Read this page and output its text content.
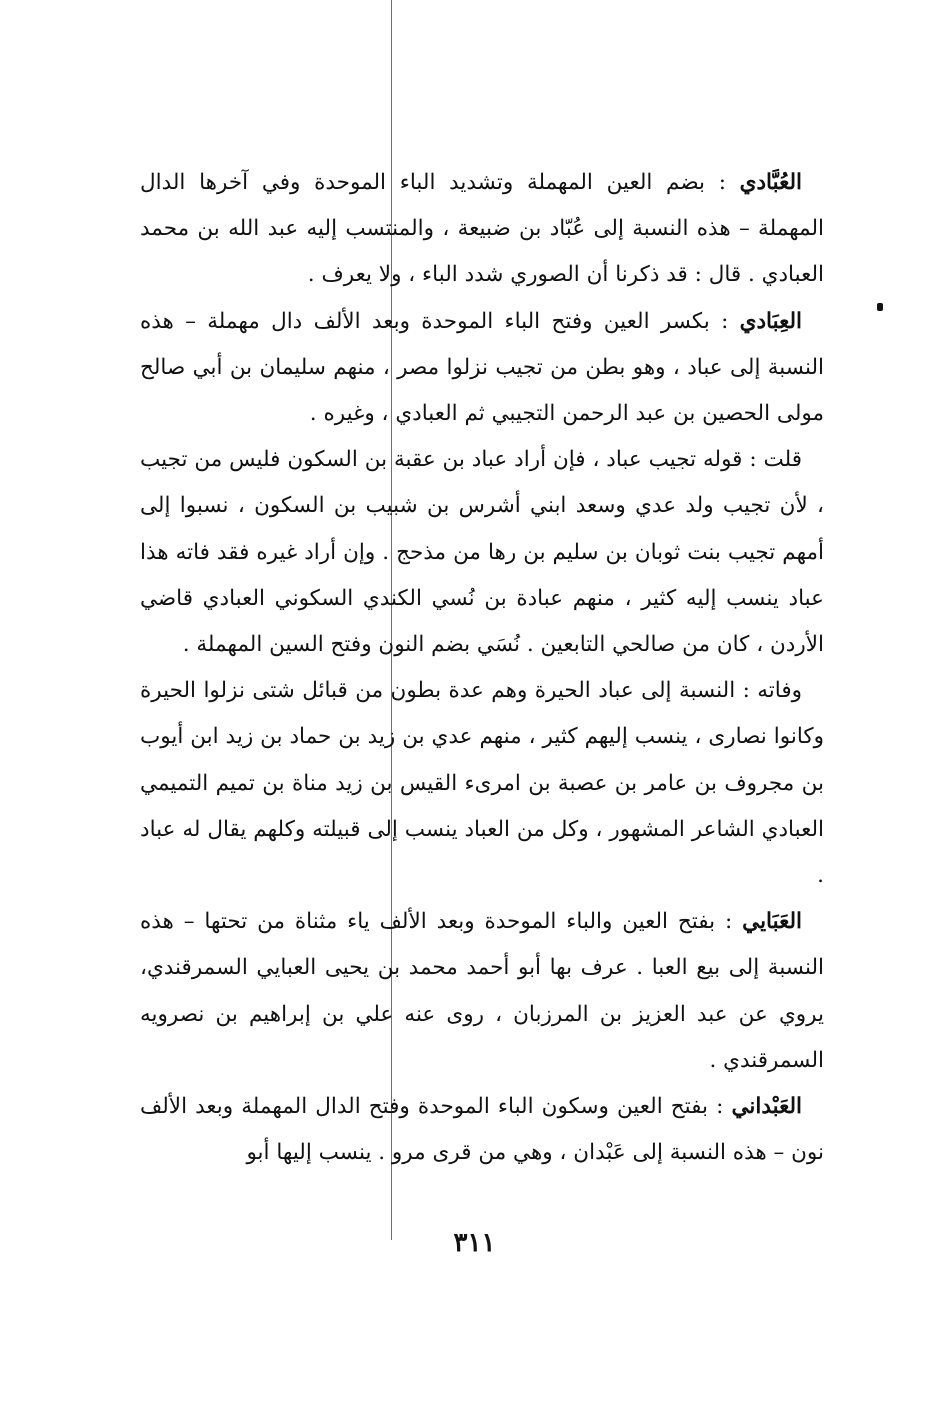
العُبَّادي : بضم العين المهملة وتشديد الباء الموحدة وفي آخرها الدال المهملة – هذه النسبة إلى عُبّاد بن ضبيعة ، والمنتسب إليه عبد الله بن محمد العبادي . قال : قد ذكرنا أن الصوري شدد الباء ، ولا يعرف .

العِبَادي : بكسر العين وفتح الباء الموحدة وبعد الألف دال مهملة – هذه النسبة إلى عباد ، وهو بطن من تجيب نزلوا مصر ، منهم سليمان بن أبي صالح مولى الحصين بن عبد الرحمن التجيبي ثم العبادي ، وغيره .

قلت : قوله تجيب عباد ، فإن أراد عباد بن عقبة بن السكون فليس من تجيب ، لأن تجيب ولد عدي وسعد ابني أشرس بن شبيب بن السكون ، نسبوا إلى أمهم تجيب بنت ثوبان بن سليم بن رها من مذحج . وإن أراد غيره فقد فاته هذا عباد ينسب إليه كثير ، منهم عبادة بن نُسي الكندي السكوني العبادي قاضي الأردن ، كان من صالحي التابعين . نُسَي بضم النون وفتح السين المهملة .

وفاته : النسبة إلى عباد الحيرة وهم عدة بطون من قبائل شتى نزلوا الحيرة وكانوا نصارى ، ينسب إليهم كثير ، منهم عدي بن زيد بن حماد بن زيد ابن أيوب بن مجروف بن عامر بن عصبة بن امرىء القيس بن زيد مناة بن تميم التميمي العبادي الشاعر المشهور ، وكل من العباد ينسب إلى قبيلته وكلهم يقال له عباد .

العَبَايي : بفتح العين والباء الموحدة وبعد الألف ياء مثناة من تحتها – هذه النسبة إلى بيع العبا . عرف بها أبو أحمد محمد بن يحيى العبايي السمرقندي، يروي عن عبد العزيز بن المرزبان ، روى عنه علي بن إبراهيم بن نصرويه السمرقندي .

العَبْداني : بفتح العين وسكون الباء الموحدة وفتح الدال المهملة وبعد الألف نون – هذه النسبة إلى عَبْدان ، وهي من قرى مرو . ينسب إليها أبو

٣١١
